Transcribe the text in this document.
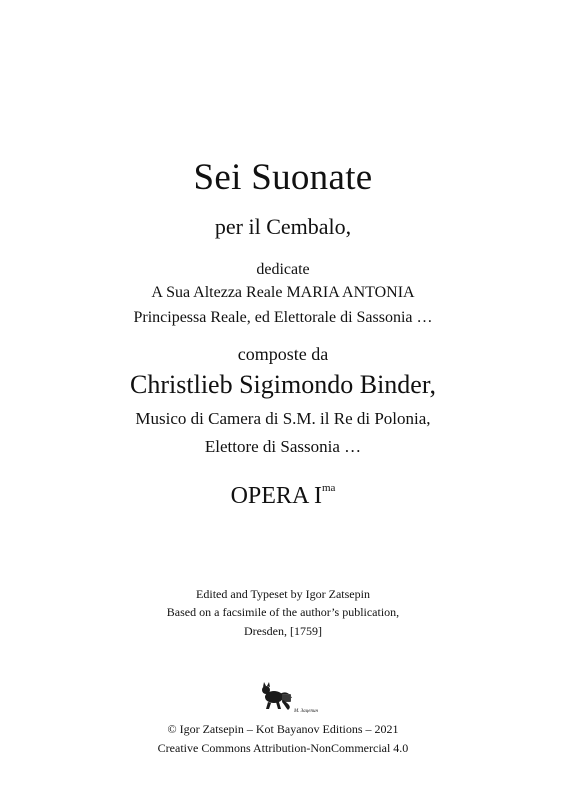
Sei Suonate
per il Cembalo,
dedicate
A Sua Altezza Reale MARIA ANTONIA
Principessa Reale, ed Elettorale di Sassonia …
composte da
Christlieb Sigimondo Binder,
Musico di Camera di S.M. il Re di Polonia,
Elettore di Sassonia …
OPERA $I^{ma}$
Edited and Typeset by Igor Zatsepin
Based on a facsimile of the author’s publication,
Dresden, [1759]
M. Зацепин
© Igor Zatsepin – Kot Bayanov Editions – 2021
Creative Commons Attribution-NonCommercial 4.0
